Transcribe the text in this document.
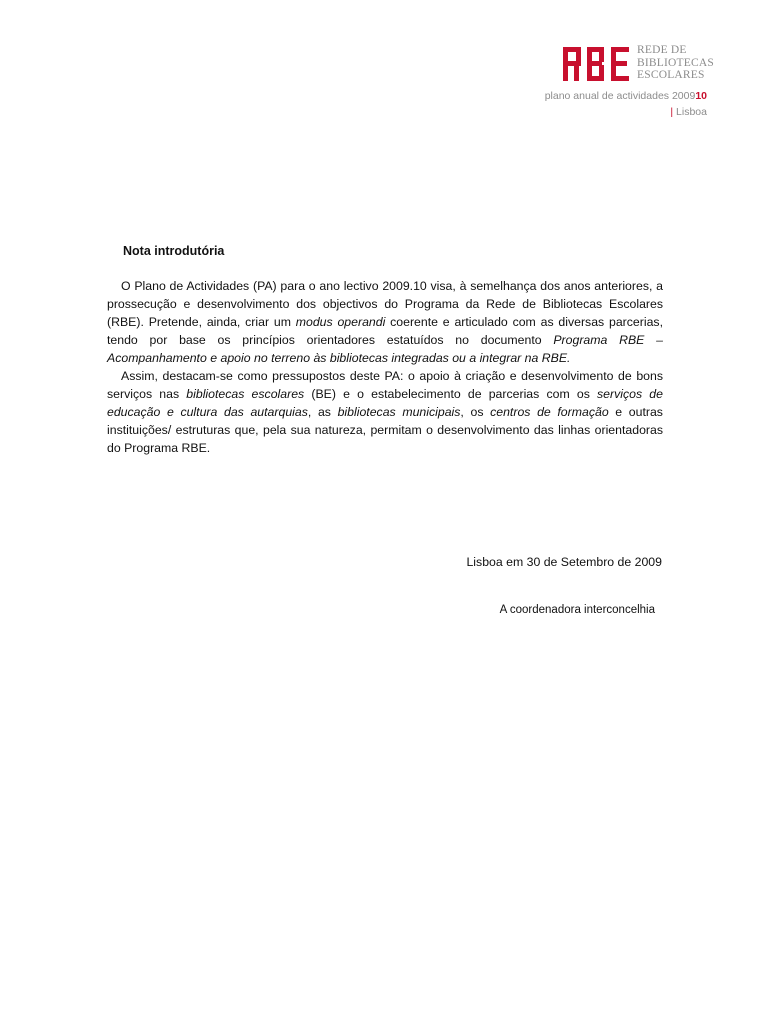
REDE DE
BIBLIOTECAS
ESCOLARES
plano anual de actividades 200910
| Lisboa
Nota introdutória

O Plano de Actividades (PA) para o ano lectivo 2009.10 visa, à semelhança dos anos anteriores, a prossecução e desenvolvimento dos objectivos do Programa da Rede de Bibliotecas Escolares (RBE). Pretende, ainda, criar um modus operandi coerente e articulado com as diversas parcerias, tendo por base os princípios orientadores estatuídos no documento Programa RBE – Acompanhamento e apoio no terreno às bibliotecas integradas ou a integrar na RBE.

Assim, destacam-se como pressupostos deste PA: o apoio à criação e desenvolvimento de bons serviços nas bibliotecas escolares (BE) e o estabelecimento de parcerias com os serviços de educação e cultura das autarquias, as bibliotecas municipais, os centros de formação e outras instituições/ estruturas que, pela sua natureza, permitam o desenvolvimento das linhas orientadoras do Programa RBE.

Lisboa em 30 de Setembro de 2009
A coordenadora interconcelhia
